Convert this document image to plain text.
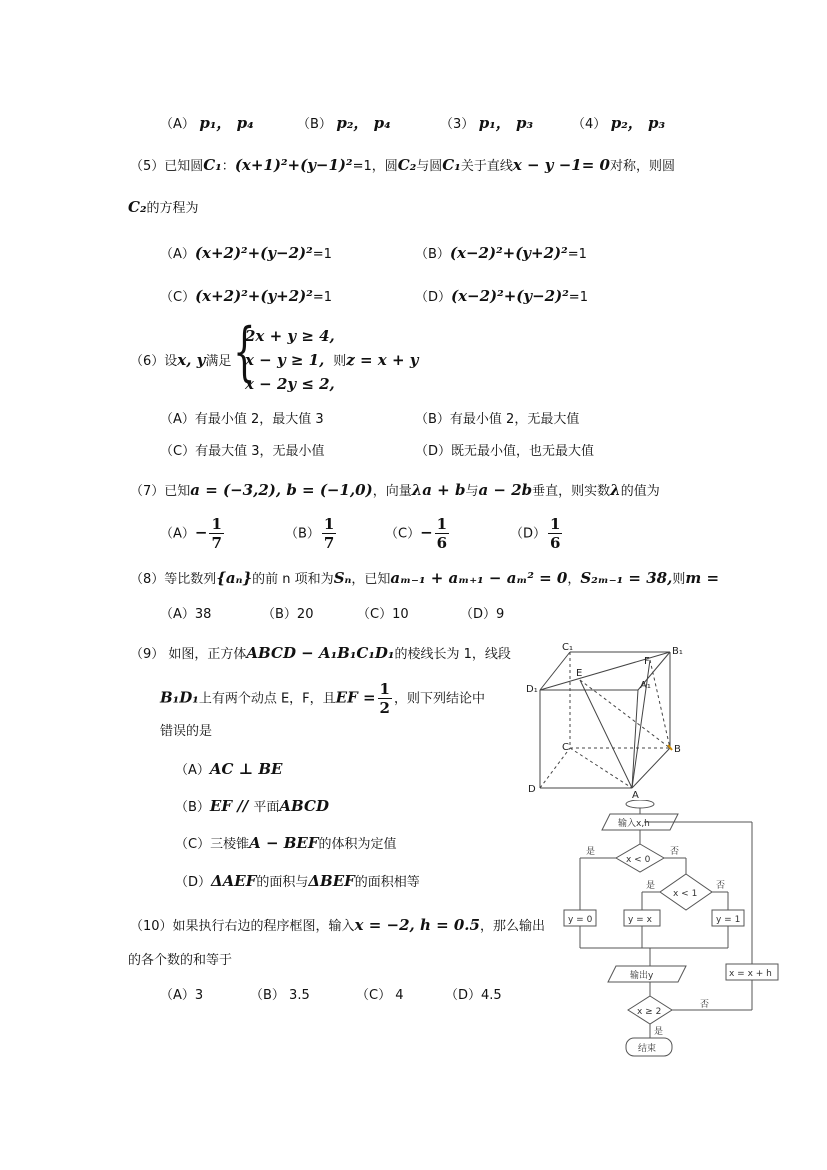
（A） p₁， p₄	（B） p₂， p₄	（3） p₁， p₃	（4） p₂， p₃
（5）已知圆C₁：(x+1)²+(y−1)²=1，圆C₂与圆C₁关于直线x − y −1= 0对称，则圆
C₂的方程为
（A）(x+2)²+(y−2)²=1	（B）(x−2)²+(y+2)²=1
（C）(x+2)²+(y+2)²=1	（D）(x−2)²+(y−2)²=1
（6）设x, y满足 {
2x + y ≥ 4,
x − y ≥ 1, 则z = x + y
x − 2y ≤ 2,
（A）有最小值 2，最大值 3	（B）有最小值 2，无最大值
（C）有最大值 3，无最小值	（D）既无最小值，也无最大值
（7）已知a = (−3,2), b = (−1,0)，向量λa + b与a − 2b垂直，则实数λ的值为
$(A)- \frac{1}{7}$	$(B) \frac{1}{7}$	$(C)- \frac{1}{6}$	$(D) \frac{1}{6}$
（8）等比数列{aₙ}的前 n 项和为Sₙ，已知aₘ₋₁ + aₘ₊₁ − aₘ² = 0，S₂ₘ₋₁ = 38,则m =
（A）38	（B）20	（C）10	（D）9
（9） 如图，正方体ABCD − A₁B₁C₁D₁的棱线长为 1，线段
B₁D₁上有两个动点 E，F，且EF = $\frac{1}{2}$ ，则下列结论中
错误的是
（A）AC ⊥ BE
（B）EF // 平面ABCD
（C）三棱锥A − BEF的体积为定值
（D）ΔAEF的面积与ΔBEF的面积相等
（10）如果执行右边的程序框图，输入x = −2, h = 0.5，那么输出
的各个数的和等于
（A）3	（B） 3.5	（C） 4	（D）4.5
C₁	B₁
D₁	A₁
E
F
C	B
D
A
输入x,h
x < 0
是	否
x < 1
是	否
y = 0	y = x	y = 1
输出y	x = x + h
x ≥ 2
否
是
结束
